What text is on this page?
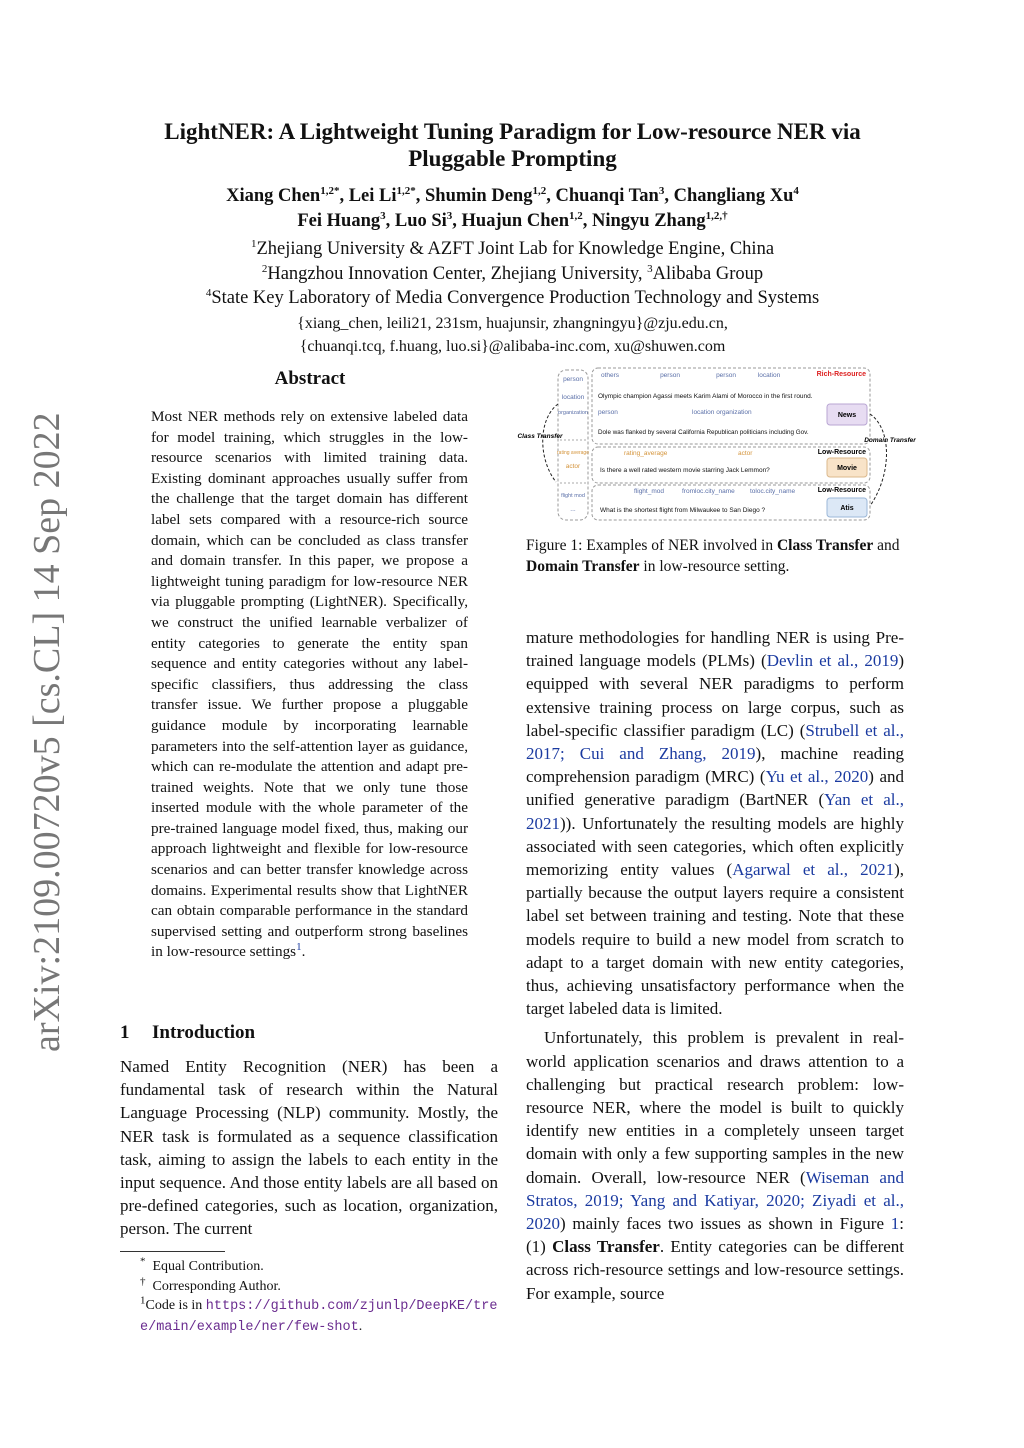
arXiv:2109.00720v5 [cs.CL] 14 Sep 2022
LightNER: A Lightweight Tuning Paradigm for Low-resource NER via
Pluggable Prompting
Xiang Chen$^{1,2*}$, Lei $Li^{1,2*}$, Shumin Deng$^{1,2}$, Chuanqi Tan$^3$, Changliang Xu$^4$
Fei Huang$^3$, Luo Si$^3$, Huajun Chen$^{1,2}$, Ningyu Zhang$^{1,2,\dagger}$
$^1$Zhejiang University & AZFT Joint Lab for Knowledge Engine, China
$^2$Hangzhou Innovation Center, Zhejiang University, $^3$Alibaba Group
$^4$State Key Laboratory of Media Convergence Production Technology and Systems
{xiang_chen, leili21, 231sm, huajunsir, zhangningyu}@zju.edu.cn,
{chuanqi.tcq, f.huang, luo.si}@alibaba-inc.com, xu@shuwen.com
Abstract
Most NER methods rely on extensive labeled data for model training, which struggles in the low-resource scenarios with limited training data. Existing dominant approaches usually suffer from the challenge that the target domain has different label sets compared with a resource-rich source domain, which can be concluded as class transfer and domain transfer. In this paper, we propose a lightweight tuning paradigm for low-resource NER via pluggable prompting (LightNER). Specifically, we construct the unified learnable verbalizer of entity categories to generate the entity span sequence and entity categories without any label-specific classifiers, thus addressing the class transfer issue. We further propose a pluggable guidance module by incorporating learnable parameters into the self-attention layer as guidance, which can re-modulate the attention and adapt pre-trained weights. Note that we only tune those inserted module with the whole parameter of the pre-trained language model fixed, thus, making our approach lightweight and flexible for low-resource scenarios and can better transfer knowledge across domains. Experimental results show that LightNER can obtain comparable performance in the standard supervised setting and outperform strong baselines in low-resource settings$^1$.
1 Introduction
Named Entity Recognition (NER) has been a fundamental task of research within the Natural Language Processing (NLP) community. Mostly, the NER task is formulated as a sequence classification task, aiming to assign the labels to each entity in the input sequence. And those entity labels are all based on pre-defined categories, such as location, organization, person. The current
* Equal Contribution.
† Corresponding Author.
$^1$Code is in https://github.com/zjunlp/DeepKE/tree/main/example/ner/few-shot.
person
location
organization
rating average
actor
flight mod
...
Class Transfer
Rich-Resource
others	person	person	location
Olympic champion Agassi meets Karim Alami of Morocco in the first round.
person	location organization
Dole was flanked by several California Republican politicians including Gov.
News
Low-Resource
rating_average	actor
Is there a well rated western movie starring Jack Lemmon?	Movie
Low-Resource
flight_mod	fromloc.city_name toloc.city_name
What is the shortest flight from Milwaukee to San Diego ?	Atis
Domain Transfer
Figure 1: Examples of NER involved in Class Transfer and Domain Transfer in low-resource setting.

mature methodologies for handling NER is using Pre-trained language models (PLMs) (Devlin et al., 2019) equipped with several NER paradigms to perform extensive training process on large corpus, such as label-specific classifier paradigm (LC) (Strubell et al., 2017; Cui and Zhang, 2019), machine reading comprehension paradigm (MRC) (Yu et al., 2020) and unified generative paradigm (BartNER (Yan et al., 2021)). Unfortunately the resulting models are highly associated with seen categories, which often explicitly memorizing entity values (Agarwal et al., 2021), partially because the output layers require a consistent label set between training and testing. Note that these models require to build a new model from scratch to adapt to a target domain with new entity categories, thus, achieving unsatisfactory performance when the target labeled data is limited.

Unfortunately, this problem is prevalent in real-world application scenarios and draws attention to a challenging but practical research problem: low-resource NER, where the model is built to quickly identify new entities in a completely unseen target domain with only a few supporting samples in the new domain. Overall, low-resource NER (Wiseman and Stratos, 2019; Yang and Katiyar, 2020; Ziyadi et al., 2020) mainly faces two issues as shown in Figure 1: (1) Class Transfer. Entity categories can be different across rich-resource settings and low-resource settings. For example, source
